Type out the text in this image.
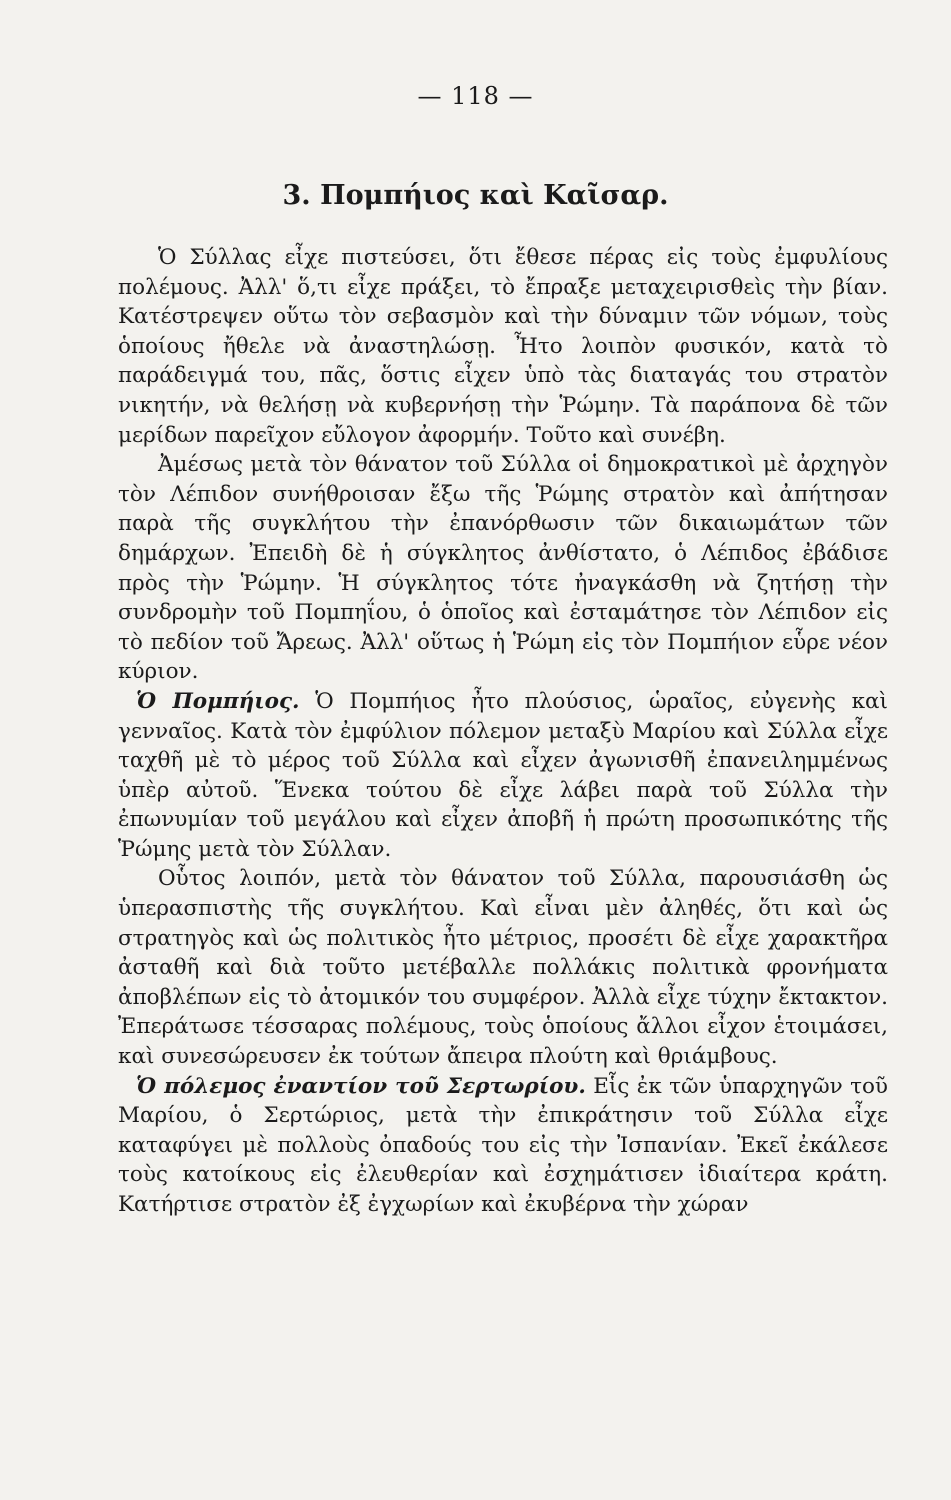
— 118 —
3. Πομπήιος καὶ Καῖσαρ.

Ὁ Σύλλας εἶχε πιστεύσει, ὅτι ἔθεσε πέρας εἰς τοὺς ἐμφυλίους πολέμους. Ἀλλ' ὅ,τι εἶχε πράξει, τὸ ἔπραξε μεταχειρισθεὶς τὴν βίαν. Κατέστρεψεν οὕτω τὸν σεβασμὸν καὶ τὴν δύναμιν τῶν νόμων, τοὺς ὁποίους ἤθελε νὰ ἀναστηλώσῃ. Ἦτο λοιπὸν φυσικόν, κατὰ τὸ παράδειγμά του, πᾶς, ὅστις εἶχεν ὑπὸ τὰς διαταγάς του στρατὸν νικητήν, νὰ θελήσῃ νὰ κυβερνήσῃ τὴν Ῥώμην. Τὰ παράπονα δὲ τῶν μερίδων παρεῖχον εὔλογον ἀφορμήν. Τοῦτο καὶ συνέβη.

Ἀμέσως μετὰ τὸν θάνατον τοῦ Σύλλα οἱ δημοκρατικοὶ μὲ ἀρχηγὸν τὸν Λέπιδον συνήθροισαν ἔξω τῆς Ῥώμης στρατὸν καὶ ἀπήτησαν παρὰ τῆς συγκλήτου τὴν ἐπανόρθωσιν τῶν δικαιωμάτων τῶν δημάρχων. Ἐπειδὴ δὲ ἡ σύγκλητος ἀνθίστατο, ὁ Λέπιδος ἐβάδισε πρὸς τὴν Ῥώμην. Ἡ σύγκλητος τότε ἠναγκάσθη νὰ ζητήσῃ τὴν συνδρομὴν τοῦ Πομπηΐου, ὁ ὁποῖος καὶ ἐσταμάτησε τὸν Λέπιδον εἰς τὸ πεδίον τοῦ Ἄρεως. Ἀλλ' οὕτως ἡ Ῥώμη εἰς τὸν Πομπήιον εὗρε νέον κύριον.

Ὁ Πομπήιος. Ὁ Πομπήιος ἦτο πλούσιος, ὡραῖος, εὐγενὴς καὶ γενναῖος. Κατὰ τὸν ἐμφύλιον πόλεμον μεταξὺ Μαρίου καὶ Σύλλα εἶχε ταχθῆ μὲ τὸ μέρος τοῦ Σύλλα καὶ εἶχεν ἀγωνισθῆ ἐπανειλημμένως ὑπὲρ αὐτοῦ. Ἕνεκα τούτου δὲ εἶχε λάβει παρὰ τοῦ Σύλλα τὴν ἐπωνυμίαν τοῦ μεγάλου καὶ εἶχεν ἀποβῆ ἡ πρώτη προσωπικότης τῆς Ῥώμης μετὰ τὸν Σύλλαν.

Οὗτος λοιπόν, μετὰ τὸν θάνατον τοῦ Σύλλα, παρουσιάσθη ὡς ὑπερασπιστὴς τῆς συγκλήτου. Καὶ εἶναι μὲν ἀληθές, ὅτι καὶ ὡς στρατηγὸς καὶ ὡς πολιτικὸς ἦτο μέτριος, προσέτι δὲ εἶχε χαρακτῆρα ἀσταθῆ καὶ διὰ τοῦτο μετέβαλλε πολλάκις πολιτικὰ φρονήματα ἀποβλέπων εἰς τὸ ἀτομικόν του συμφέρον. Ἀλλὰ εἶχε τύχην ἔκτακτον. Ἐπεράτωσε τέσσαρας πολέμους, τοὺς ὁποίους ἄλλοι εἶχον ἑτοιμάσει, καὶ συνεσώρευσεν ἐκ τούτων ἄπειρα πλούτη καὶ θριάμβους.

Ὁ πόλεμος ἐναντίον τοῦ Σερτωρίου. Εἷς ἐκ τῶν ὑπαρχηγῶν τοῦ Μαρίου, ὁ Σερτώριος, μετὰ τὴν ἐπικράτησιν τοῦ Σύλλα εἶχε καταφύγει μὲ πολλοὺς ὀπαδούς του εἰς τὴν Ἰσπανίαν. Ἐκεῖ ἐκάλεσε τοὺς κατοίκους εἰς ἐλευθερίαν καὶ ἐσχημάτισεν ἰδιαίτερα κράτη. Κατήρτισε στρατὸν ἐξ ἐγχωρίων καὶ ἐκυβέρνα τὴν χώραν
